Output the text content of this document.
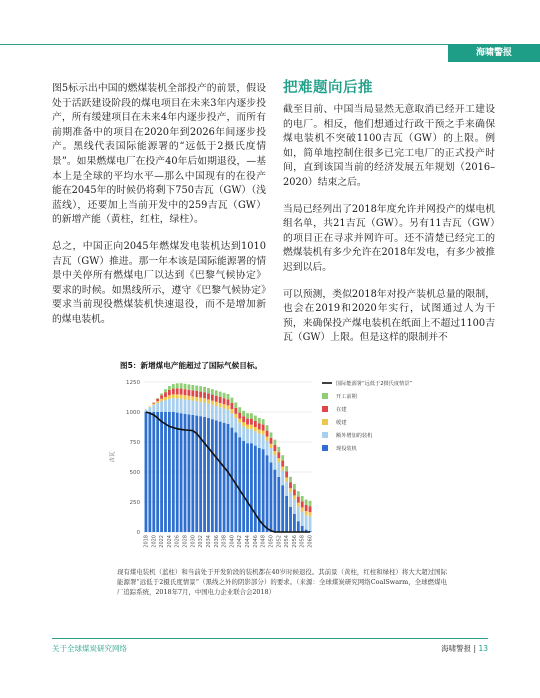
海啸警报

图5标示出中国的燃煤装机全部投产的前景，假设处于活跃建设阶段的煤电项目在未来3年内逐步投产，所有缓建项目在未来4年内逐步投产，而所有前期准备中的项目在2020年到2026年间逐步投产。黑线代表国际能源署的“远低于2摄氏度情景”。如果燃煤电厂在投产40年后如期退役，—基本上是全球的平均水平—那么中国现有的在役产能在2045年的时候仍将剩下750吉瓦（GW）（浅蓝线），还要加上当前开发中的259吉瓦（GW）的新增产能（黄柱，红柱，绿柱）。

总之，中国正向2045年燃煤发电装机达到1010吉瓦（GW）推进。那一年本该是国际能源署的情景中关停所有燃煤电厂以达到《巴黎气候协定》要求的时候。如黑线所示，遵守《巴黎气候协定》要求当前现役燃煤装机快速退役，而不是增加新的煤电装机。

把难题向后推

截至目前、中国当局显然无意取消已经开工建设的电厂。相反，他们想通过行政干预之手来确保煤电装机不突破1100吉瓦（GW）的上限。例如，简单地控制住很多已完工电厂的正式投产时间，直到该国当前的经济发展五年规划（2016–2020）结束之后。

当局已经列出了2018年度允许并网投产的煤电机组名单，共21吉瓦（GW）。另有11吉瓦（GW）的项目正在寻求并网许可。还不清楚已经完工的燃煤装机有多少允许在2018年发电，有多少被推迟到以后。

可以预测，类似2018年对投产装机总量的限制，也会在2019和2020年实行，试图通过人为干预，来确保投产煤电装机在纸面上不超过1100吉瓦（GW）上限。但是这样的限制并不

图5：新增煤电产能超过了国际气候目标。
0
250
500
750
1000
1250
吉瓦
2018 2020 2022 2024 2026 2028 2030 2032 2034 2036 2038 2040 2042 2044 2046 2048 2050 2052 2054 2056 2058 2060
国际能源署“远低于2摄氏度情景”
开工前期
在建
缓建
额外增加的装机
现役装机
现有煤电装机（蓝柱）和当前处于开发阶段的装机都在40岁时候退役。其前景（黄柱，红柱和绿柱）将大大超过国际能源署“远低于2摄氏度情景”（黑线之外的阴影部分）的要求。（来源：全球煤炭研究网络CoalSwarm，全球燃煤电厂追踪系统，2018年7月，中国电力企业联合会2018）
关于全球煤炭研究网络	海啸警报 | 13
